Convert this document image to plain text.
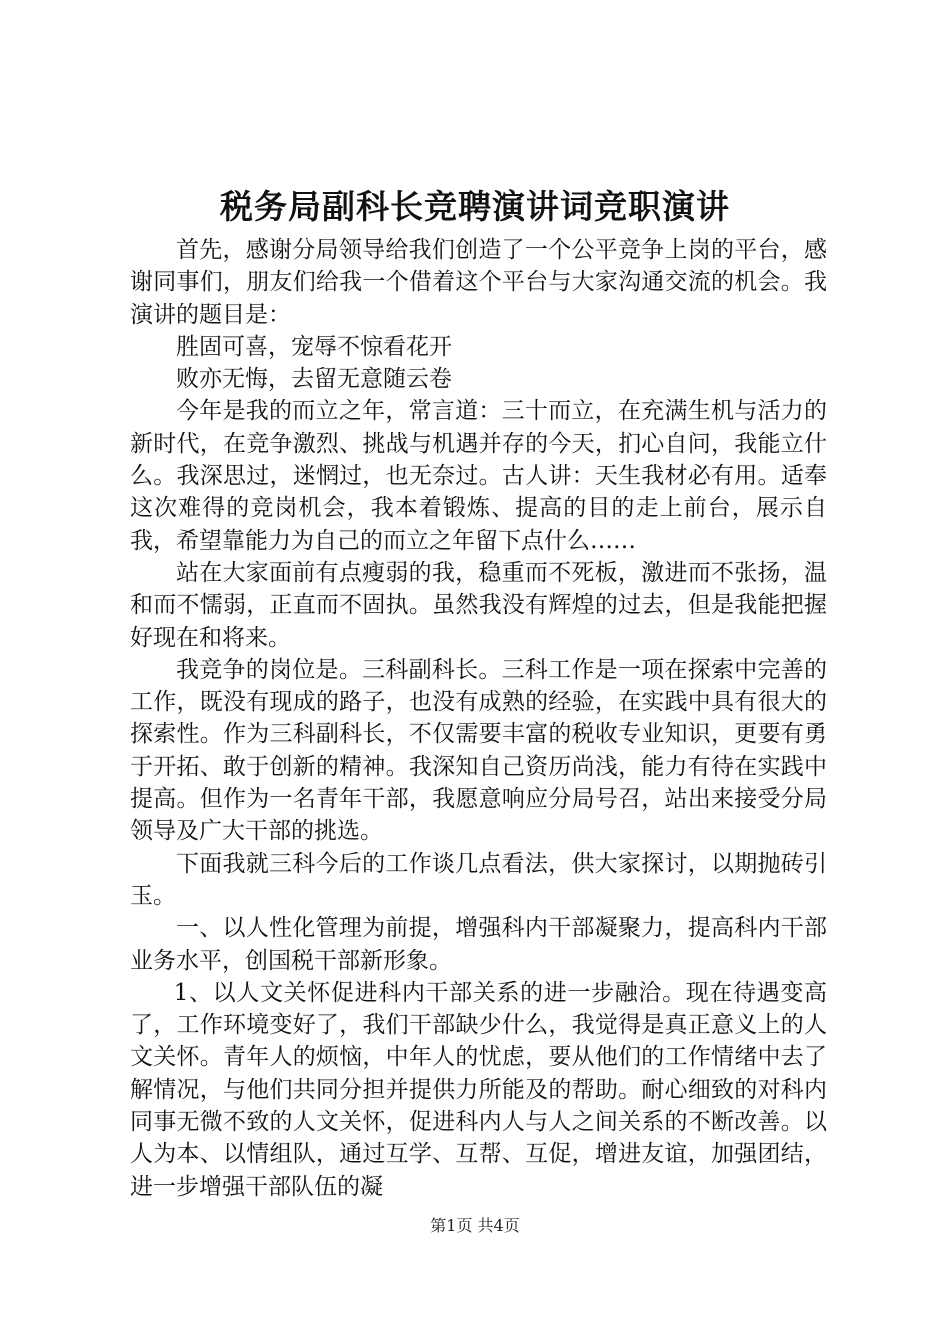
税务局副科长竞聘演讲词竞职演讲

首先，感谢分局领导给我们创造了一个公平竞争上岗的平台，感谢同事们，朋友们给我一个借着这个平台与大家沟通交流的机会。我演讲的题目是：

胜固可喜，宠辱不惊看花开

败亦无悔，去留无意随云卷

今年是我的而立之年，常言道：三十而立，在充满生机与活力的新时代，在竞争激烈、挑战与机遇并存的今天，扪心自问，我能立什么。我深思过，迷惘过，也无奈过。古人讲：天生我材必有用。适奉这次难得的竞岗机会，我本着锻炼、提高的目的走上前台，展示自我，希望靠能力为自己的而立之年留下点什么……

站在大家面前有点瘦弱的我，稳重而不死板，激进而不张扬，温和而不懦弱，正直而不固执。虽然我没有辉煌的过去，但是我能把握好现在和将来。

我竞争的岗位是。三科副科长。三科工作是一项在探索中完善的工作，既没有现成的路子，也没有成熟的经验，在实践中具有很大的探索性。作为三科副科长，不仅需要丰富的税收专业知识，更要有勇于开拓、敢于创新的精神。我深知自己资历尚浅，能力有待在实践中提高。但作为一名青年干部，我愿意响应分局号召，站出来接受分局领导及广大干部的挑选。

下面我就三科今后的工作谈几点看法，供大家探讨，以期抛砖引玉。

一、以人性化管理为前提，增强科内干部凝聚力，提高科内干部业务水平，创国税干部新形象。

1、以人文关怀促进科内干部关系的进一步融洽。现在待遇变高了，工作环境变好了，我们干部缺少什么，我觉得是真正意义上的人文关怀。青年人的烦恼，中年人的忧虑，要从他们的工作情绪中去了解情况，与他们共同分担并提供力所能及的帮助。耐心细致的对科内同事无微不致的人文关怀，促进科内人与人之间关系的不断改善。以人为本、以情组队，通过互学、互帮、互促，增进友谊，加强团结，进一步增强干部队伍的凝

第1页 共4页
